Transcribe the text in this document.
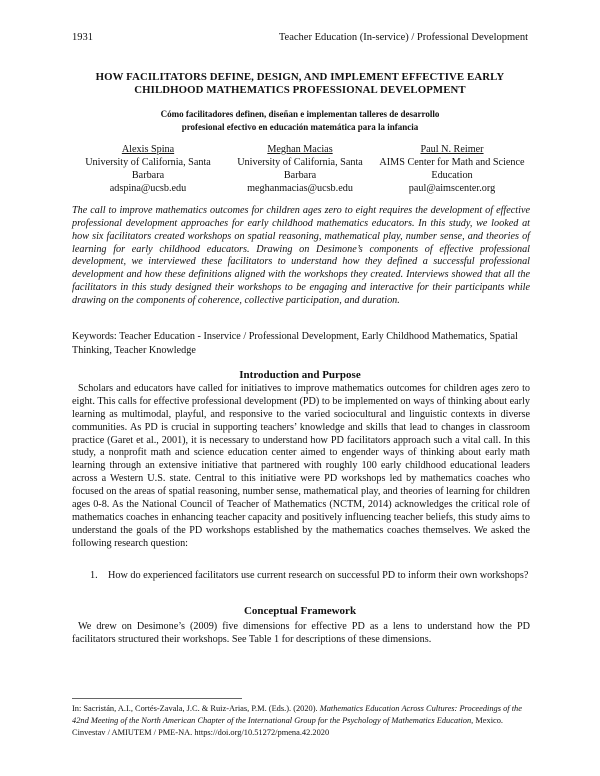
1931	Teacher Education (In-service) / Professional Development
HOW FACILITATORS DEFINE, DESIGN, AND IMPLEMENT EFFECTIVE EARLY
CHILDHOOD MATHEMATICS PROFESSIONAL DEVELOPMENT
Cómo facilitadores definen, diseñan e implementan talleres de desarrollo
profesional efectivo en educación matemática para la infancia
Alexis Spina
University of California, Santa Barbara
adspina@ucsb.edu
Meghan Macias
University of California, Santa Barbara
meghanmacias@ucsb.edu
Paul N. Reimer
AIMS Center for Math and Science Education
paul@aimscenter.org
The call to improve mathematics outcomes for children ages zero to eight requires the development of effective professional development approaches for early childhood mathematics educators. In this study, we looked at how six facilitators created workshops on spatial reasoning, mathematical play, number sense, and theories of learning for early childhood educators. Drawing on Desimone’s components of effective professional development, we interviewed these facilitators to understand how they defined a successful professional development and how these definitions aligned with the workshops they created. Interviews showed that all the facilitators in this study designed their workshops to be engaging and interactive for their participants while drawing on the components of coherence, collective participation, and duration.
Keywords: Teacher Education - Inservice / Professional Development, Early Childhood Mathematics, Spatial Thinking, Teacher Knowledge
Introduction and Purpose
Scholars and educators have called for initiatives to improve mathematics outcomes for children ages zero to eight. This calls for effective professional development (PD) to be implemented on ways of thinking about early learning as multimodal, playful, and responsive to the varied sociocultural and linguistic contexts in diverse communities. As PD is crucial in supporting teachers’ knowledge and skills that lead to changes in classroom practice (Garet et al., 2001), it is necessary to understand how PD facilitators approach such a vital call. In this study, a nonprofit math and science education center aimed to engender ways of thinking about early math learning through an extensive initiative that partnered with roughly 100 early childhood educational leaders across a Western U.S. state. Central to this initiative were PD workshops led by mathematics coaches who focused on the areas of spatial reasoning, number sense, mathematical play, and theories of learning for children ages 0-8. As the National Council of Teacher of Mathematics (NCTM, 2014) acknowledges the critical role of mathematics coaches in enhancing teacher capacity and positively influencing teacher beliefs, this study aims to understand the goals of the PD workshops established by the mathematics coaches themselves. We asked the following research question:
1.	How do experienced facilitators use current research on successful PD to inform their own workshops?
Conceptual Framework
We drew on Desimone’s (2009) five dimensions for effective PD as a lens to understand how the PD facilitators structured their workshops. See Table 1 for descriptions of these dimensions.
In: Sacristán, A.I., Cortés-Zavala, J.C. & Ruiz-Arias, P.M. (Eds.). (2020). Mathematics Education Across Cultures: Proceedings of the 42nd Meeting of the North American Chapter of the International Group for the Psychology of Mathematics Education, Mexico. Cinvestav / AMIUTEM / PME-NA. https://doi.org/10.51272/pmena.42.2020
